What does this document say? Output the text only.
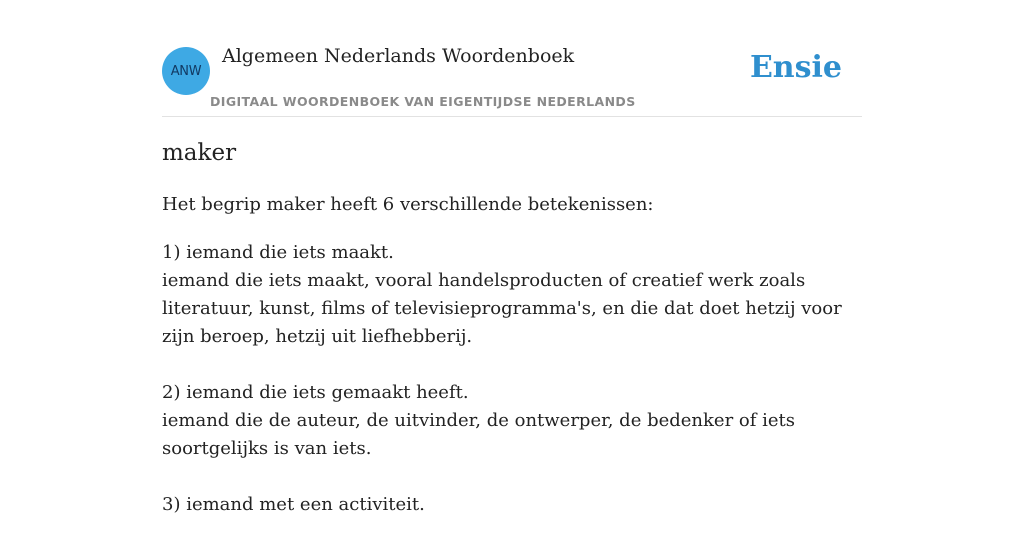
ANW
Algemeen Nederlands Woordenboek
DIGITAAL WOORDENBOEK VAN EIGENTIJDSE NEDERLANDS
Ensie
maker

Het begrip maker heeft 6 verschillende betekenissen:

1) iemand die iets maakt.

iemand die iets maakt, vooral handelsproducten of creatief werk zoals literatuur, kunst, films of televisieprogramma's, en die dat doet hetzij voor zijn beroep, hetzij uit liefhebberij.

2) iemand die iets gemaakt heeft.

iemand die de auteur, de uitvinder, de ontwerper, de bedenker of iets soortgelijks is van iets.

3) iemand met een activiteit.
